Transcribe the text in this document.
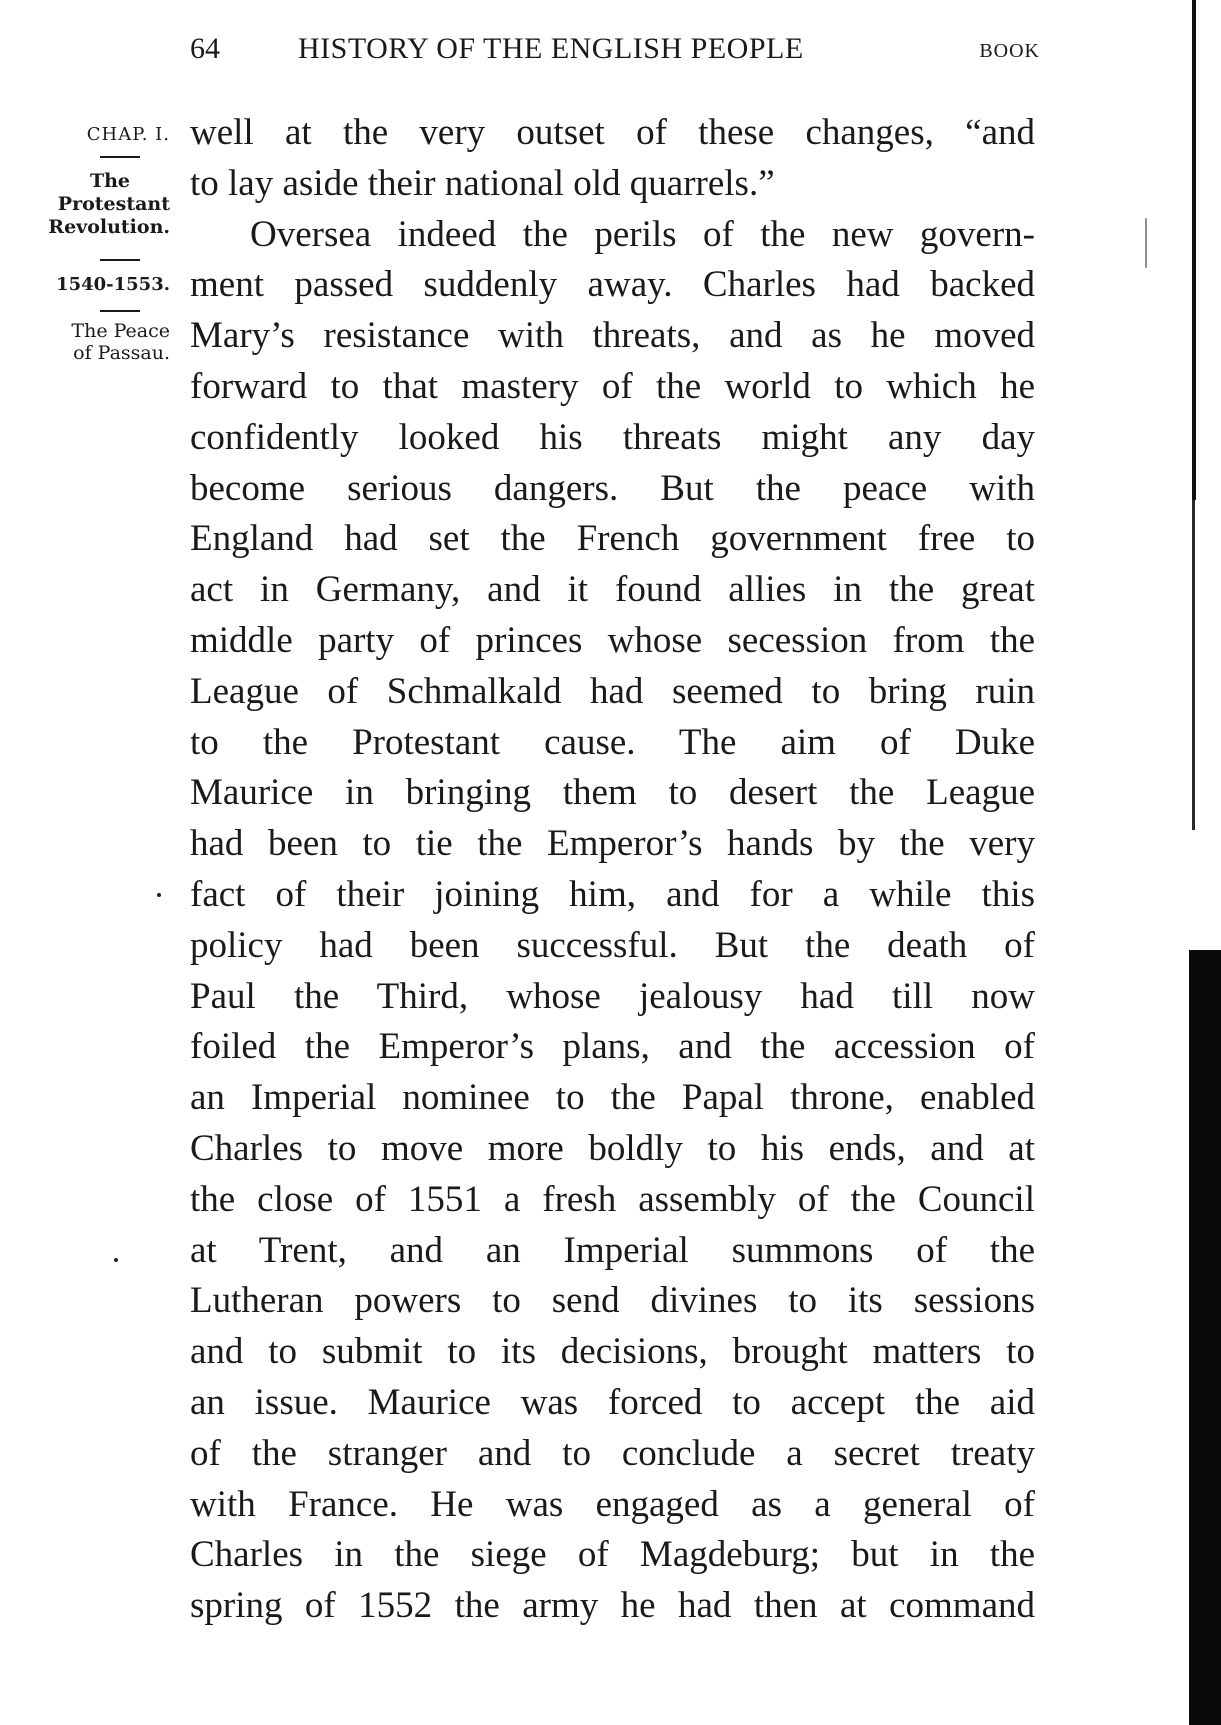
64	HISTORY OF THE ENGLISH PEOPLE	BOOK
CHAP. I.
The
Protestant
Revolution.
1540-1553.
The Peace
of Passau.
well at the very outset of these changes, “and
to lay aside their national old quarrels.”
Oversea indeed the perils of the new govern-
ment passed suddenly away. Charles had backed
Mary’s resistance with threats, and as he moved
forward to that mastery of the world to which he
confidently looked his threats might any day
become serious dangers. But the peace with
England had set the French government free to
act in Germany, and it found allies in the great
middle party of princes whose secession from the
League of Schmalkald had seemed to bring ruin
to the Protestant cause. The aim of Duke
Maurice in bringing them to desert the League
had been to tie the Emperor’s hands by the very
fact of their joining him, and for a while this
policy had been successful. But the death of
Paul the Third, whose jealousy had till now
foiled the Emperor’s plans, and the accession of
an Imperial nominee to the Papal throne, enabled
Charles to move more boldly to his ends, and at
the close of 1551 a fresh assembly of the Council
at Trent, and an Imperial summons of the
Lutheran powers to send divines to its sessions
and to submit to its decisions, brought matters to
an issue. Maurice was forced to accept the aid
of the stranger and to conclude a secret treaty
with France. He was engaged as a general of
Charles in the siege of Magdeburg; but in the
spring of 1552 the army he had then at command
